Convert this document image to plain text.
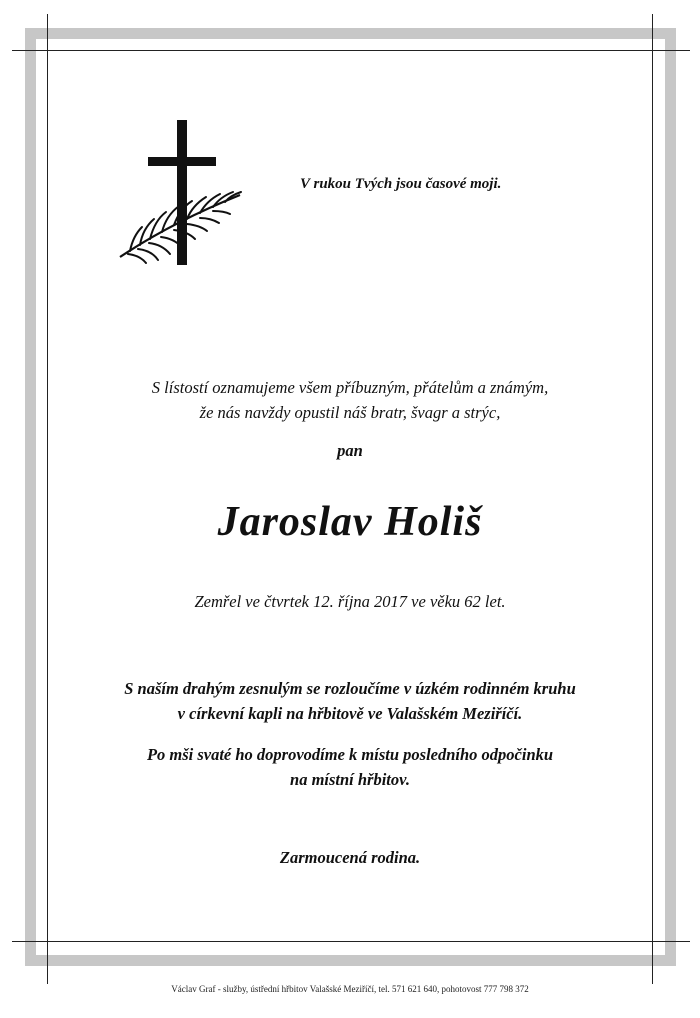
V rukou Tvých jsou časové moji.

S lístostí oznamujeme všem příbuzným, přátelům a známým,
že nás navždy opustil náš bratr, švagr a strýc,

pan

Jaroslav Holiš

Zemřel ve čtvrtek 12. října 2017 ve věku 62 let.

S naším drahým zesnulým se rozloučíme v úzkém rodinném kruhu
v církevní kapli na hřbitově ve Valašském Meziříčí.

Po mši svaté ho doprovodíme k místu posledního odpočinku
na místní hřbitov.

Zarmoucená rodina.

Václav Graf - služby, ústřední hřbitov Valašské Meziříčí, tel. 571 621 640, pohotovost 777 798 372
